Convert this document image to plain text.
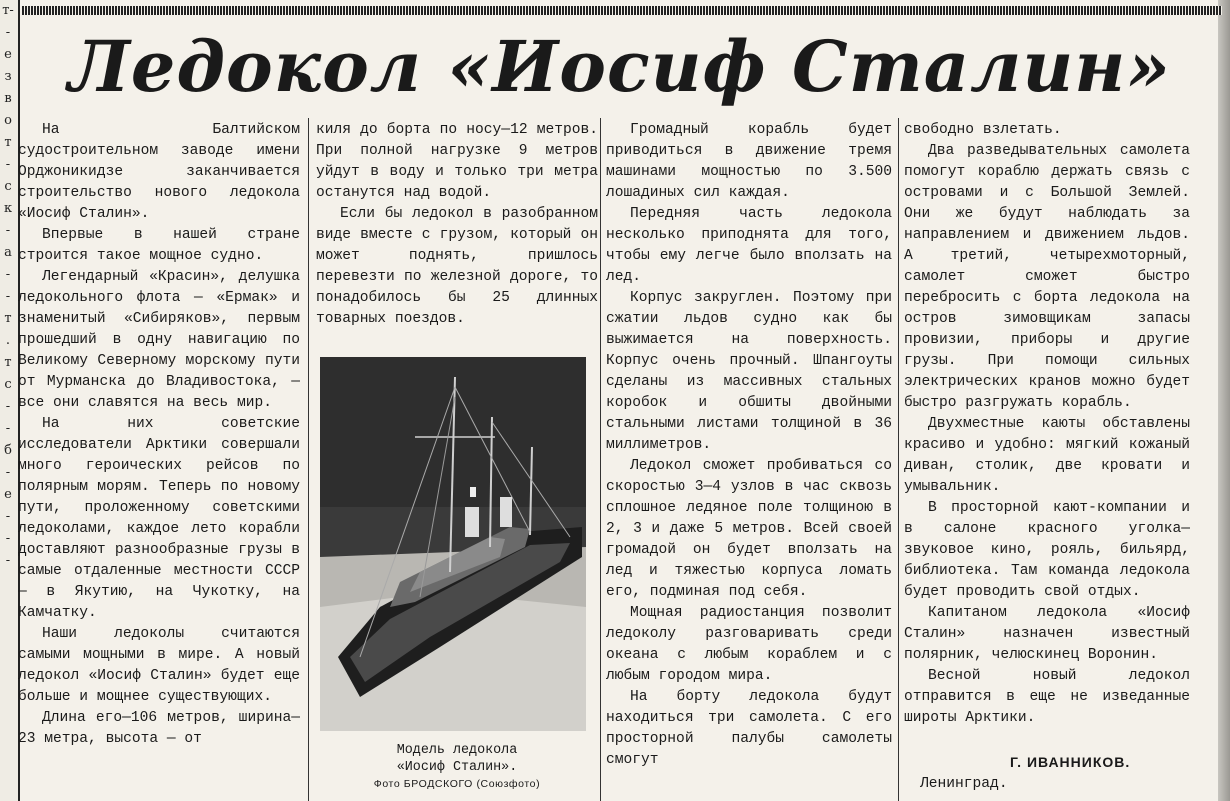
т-
-
е
з
в
о
т
-
с
к
-
а
-
-
т
.
т
с
-
-
б
-
е
-
-
-
Ледокол «Иосиф Сталин»

На Балтийском судостроительном заводе имени Орджоникидзе заканчивается строительство нового ледокола «Иосиф Сталин».

Впервые в нашей стране строится такое мощное судно.

Легендарный «Красин», делушка ледокольного флота — «Ермак» и знаменитый «Сибиряков», первым прошедший в одну навигацию по Великому Северному морскому пути от Мурманска до Владивостока, — все они славятся на весь мир.

На них советские исследователи Арктики совершали много героических рейсов по полярным морям. Теперь по новому пути, проложенному советскими ледоколами, каждое лето корабли доставляют разнообразные грузы в самые отдаленные местности СССР — в Якутию, на Чукотку, на Камчатку.

Наши ледоколы считаются самыми мощными в мире. А новый ледокол «Иосиф Сталин» будет еще больше и мощнее существующих.

Длина его—106 метров, ширина—23 метра, высота — от

киля до борта по носу—12 метров. При полной нагрузке 9 метров уйдут в воду и только три метра останутся над водой.

Если бы ледокол в разобранном виде вместе с грузом, который он может поднять, пришлось перевезти по железной дороге, то понадобилось бы 25 длинных товарных поездов.

Громадный корабль будет приводиться в движение тремя машинами мощностью по 3.500 лошадиных сил каждая.

Передняя часть ледокола несколько приподнята для того, чтобы ему легче было вползать на лед.

Корпус закруглен. Поэтому при сжатии льдов судно как бы выжимается на поверхность. Корпус очень прочный. Шпангоуты сделаны из массивных стальных коробок и обшиты двойными стальными листами толщиной в 36 миллиметров.

Ледокол сможет пробиваться со скоростью 3—4 узлов в час сквозь сплошное ледяное поле толщиною в 2, 3 и даже 5 метров. Всей своей громадой он будет вползать на лед и тяжестью корпуса ломать его, подминая под себя.

Мощная радиостанция позволит ледоколу разговаривать среди океана с любым кораблем и с любым городом мира.

На борту ледокола будут находиться три самолета. С его просторной палубы самолеты смогут

свободно взлетать.

Два разведывательных самолета помогут кораблю держать связь с островами и с Большой Землей. Они же будут наблюдать за направлением и движением льдов. А третий, четырехмоторный, самолет сможет быстро перебросить с борта ледокола на остров зимовщикам запасы провизии, приборы и другие грузы. При помощи сильных электрических кранов можно будет быстро разгружать корабль.

Двухместные каюты обставлены красиво и удобно: мягкий кожаный диван, столик, две кровати и умывальник.

В просторной кают-компании и в салоне красного уголка—звуковое кино, рояль, бильярд, библиотека. Там команда ледокола будет проводить свой отдых.

Капитаном ледокола «Иосиф Сталин» назначен известный полярник, челюскинец Воронин.

Весной новый ледокол отправится в еще не изведанные широты Арктики.

Модель ледокола
«Иосиф Сталин».
Фото БРОДСКОГО (Союзфото)
Г. ИВАННИКОВ.
Ленинград.
